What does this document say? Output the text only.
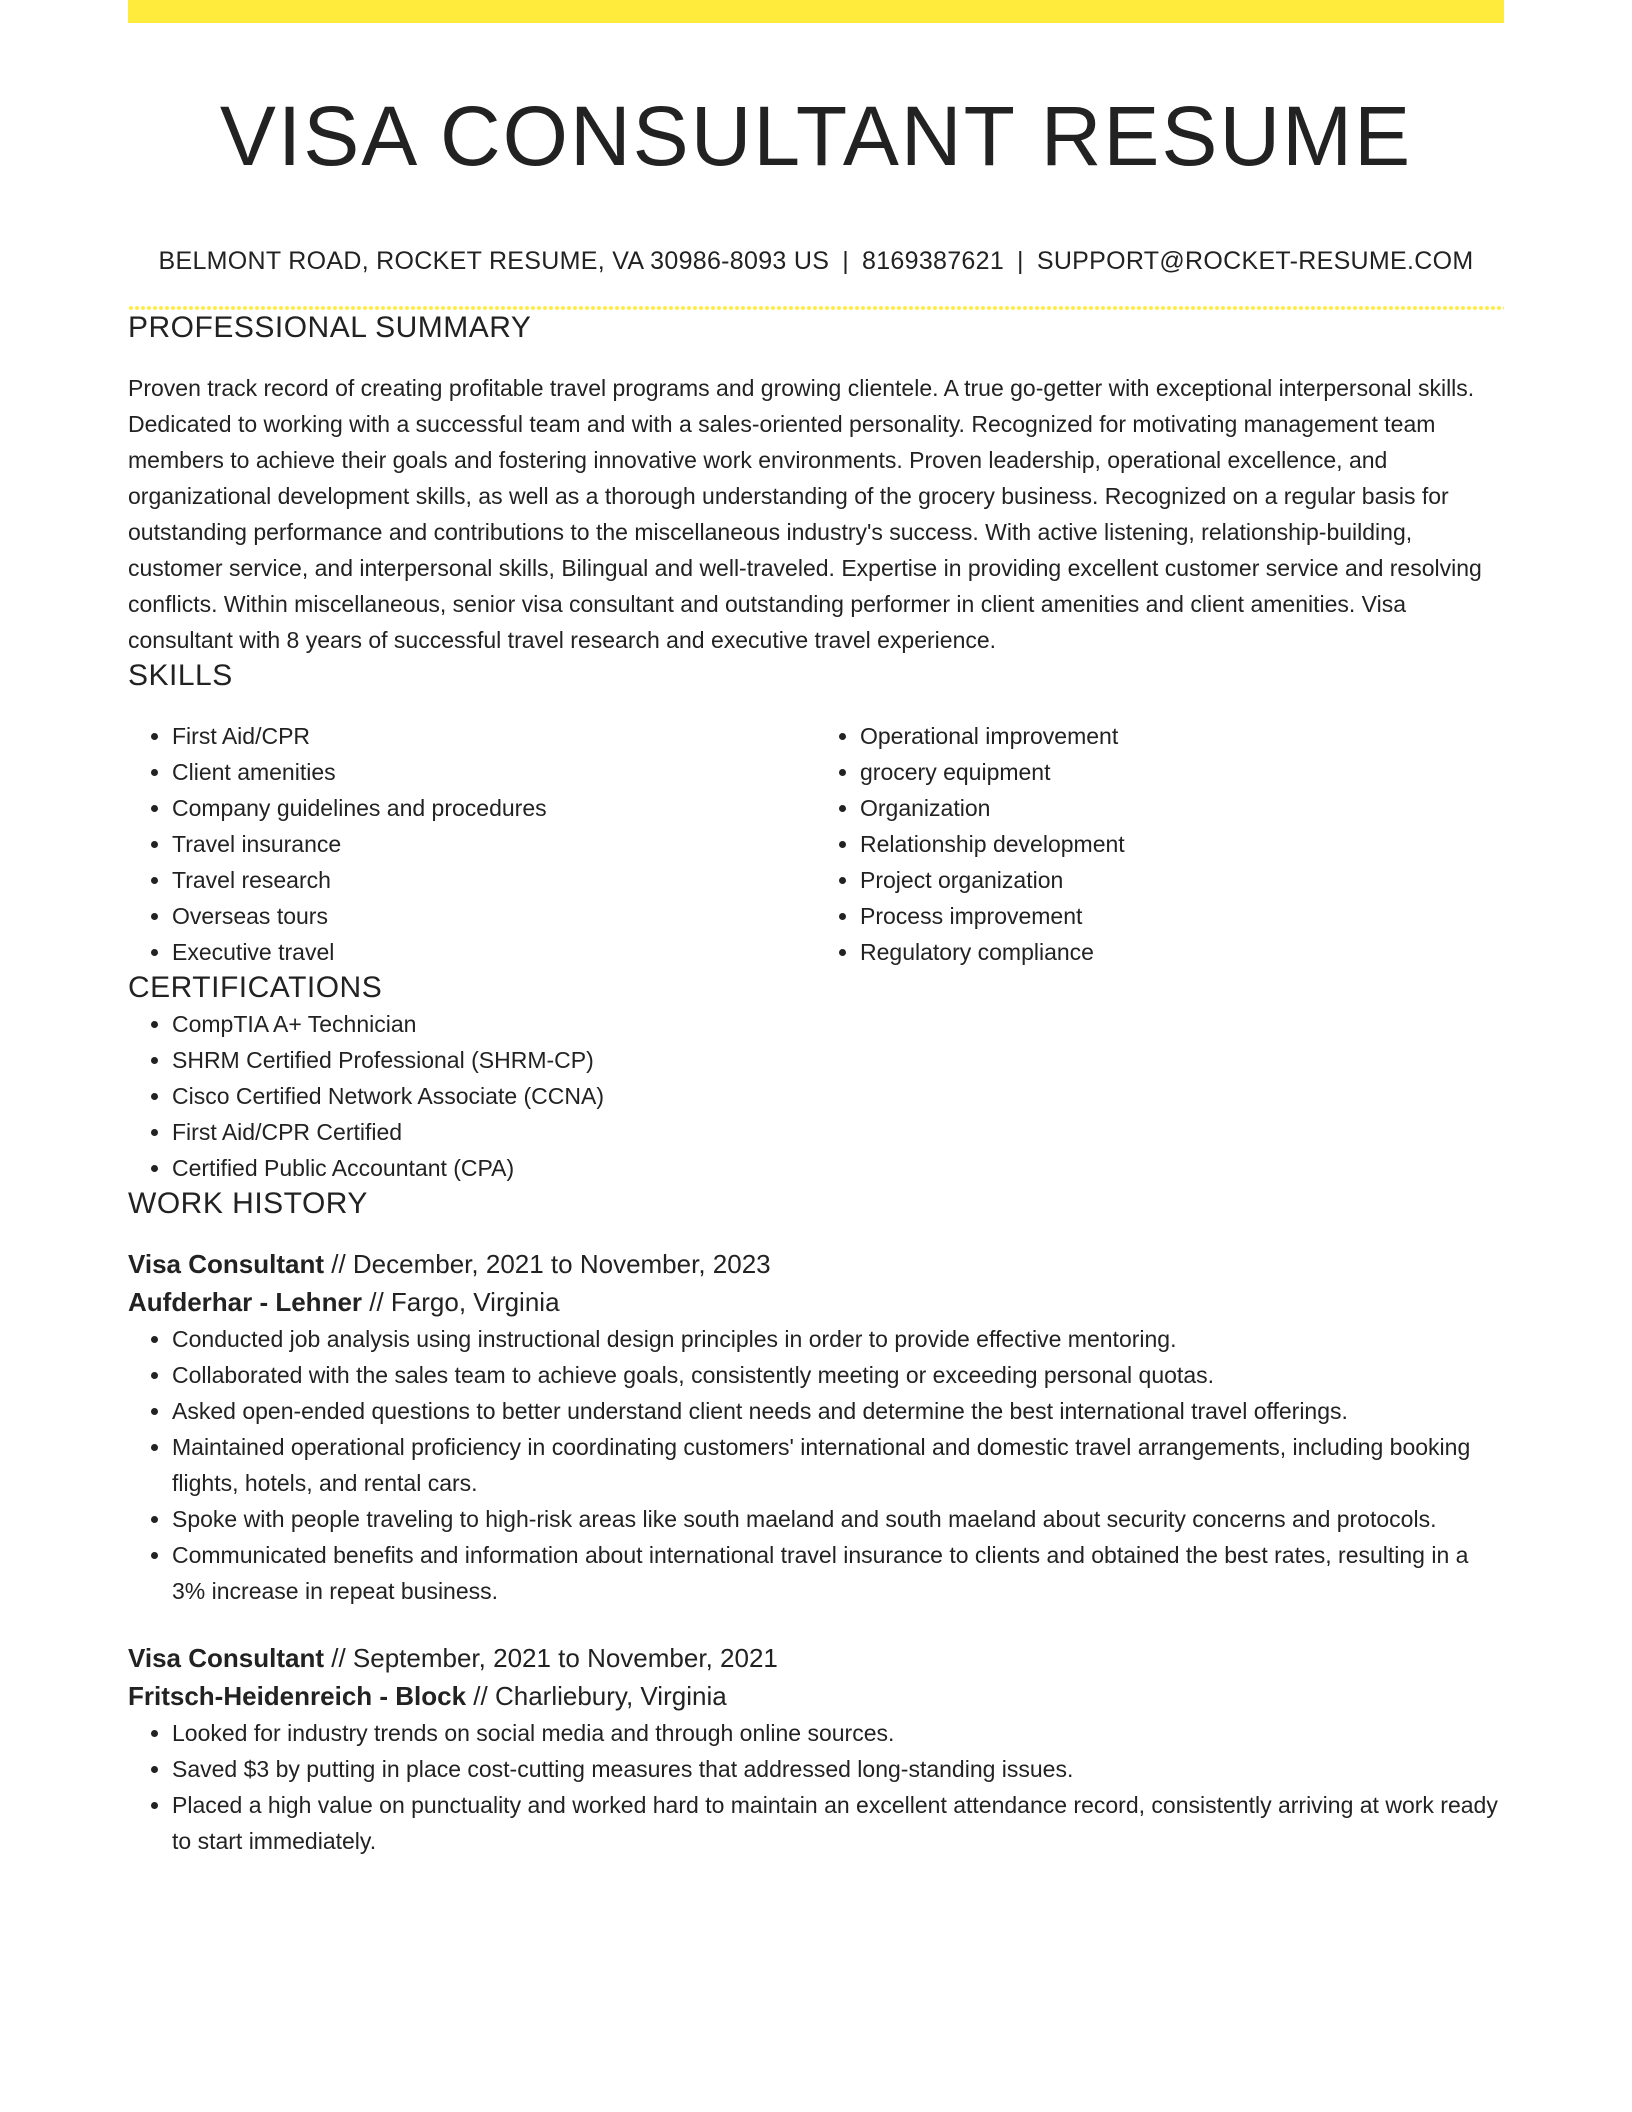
VISA CONSULTANT RESUME
BELMONT ROAD, ROCKET RESUME, VA 30986-8093 US | 8169387621 | SUPPORT@ROCKET-RESUME.COM
PROFESSIONAL SUMMARY

Proven track record of creating profitable travel programs and growing clientele. A true go-getter with exceptional interpersonal skills. Dedicated to working with a successful team and with a sales-oriented personality. Recognized for motivating management team members to achieve their goals and fostering innovative work environments. Proven leadership, operational excellence, and organizational development skills, as well as a thorough understanding of the grocery business. Recognized on a regular basis for outstanding performance and contributions to the miscellaneous industry's success. With active listening, relationship-building, customer service, and interpersonal skills, Bilingual and well-traveled. Expertise in providing excellent customer service and resolving conflicts. Within miscellaneous, senior visa consultant and outstanding performer in client amenities and client amenities. Visa consultant with 8 years of successful travel research and executive travel experience.

SKILLS
• First Aid/CPR
• Client amenities
• Company guidelines and procedures
• Travel insurance
• Travel research
• Overseas tours
• Executive travel
• Operational improvement
• grocery equipment
• Organization
• Relationship development
• Project organization
• Process improvement
• Regulatory compliance
CERTIFICATIONS
• CompTIA A+ Technician
• SHRM Certified Professional (SHRM-CP)
• Cisco Certified Network Associate (CCNA)
• First Aid/CPR Certified
• Certified Public Accountant (CPA)
WORK HISTORY
Visa Consultant // December, 2021 to November, 2023
Aufderhar - Lehner // Fargo, Virginia
• Conducted job analysis using instructional design principles in order to provide effective mentoring.
• Collaborated with the sales team to achieve goals, consistently meeting or exceeding personal quotas.
• Asked open-ended questions to better understand client needs and determine the best international travel offerings.
• Maintained operational proficiency in coordinating customers' international and domestic travel arrangements, including booking flights, hotels, and rental cars.
• Spoke with people traveling to high-risk areas like south maeland and south maeland about security concerns and protocols.
• Communicated benefits and information about international travel insurance to clients and obtained the best rates, resulting in a 3% increase in repeat business.
Visa Consultant // September, 2021 to November, 2021
Fritsch-Heidenreich - Block // Charliebury, Virginia
• Looked for industry trends on social media and through online sources.
• Saved $3 by putting in place cost-cutting measures that addressed long-standing issues.
• Placed a high value on punctuality and worked hard to maintain an excellent attendance record, consistently arriving at work ready to start immediately.
